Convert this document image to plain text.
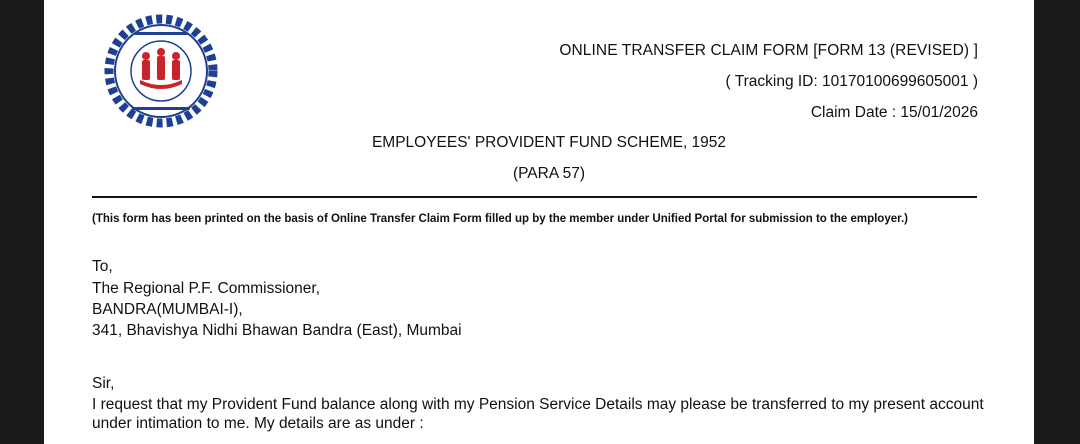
ONLINE TRANSFER CLAIM FORM [FORM 13 (REVISED) ]
( Tracking ID: 10170100699605001 )
Claim Date : 15/01/2026
EMPLOYEES' PROVIDENT FUND SCHEME, 1952
(PARA 57)
(This form has been printed on the basis of Online Transfer Claim Form filled up by the member under Unified Portal for submission to the employer.)
To,
The Regional P.F. Commissioner,
BANDRA(MUMBAI-I),
341, Bhavishya Nidhi Bhawan Bandra (East), Mumbai
Sir,
I request that my Provident Fund balance along with my Pension Service Details may please be transferred to my present account under intimation to me. My details are as under :
